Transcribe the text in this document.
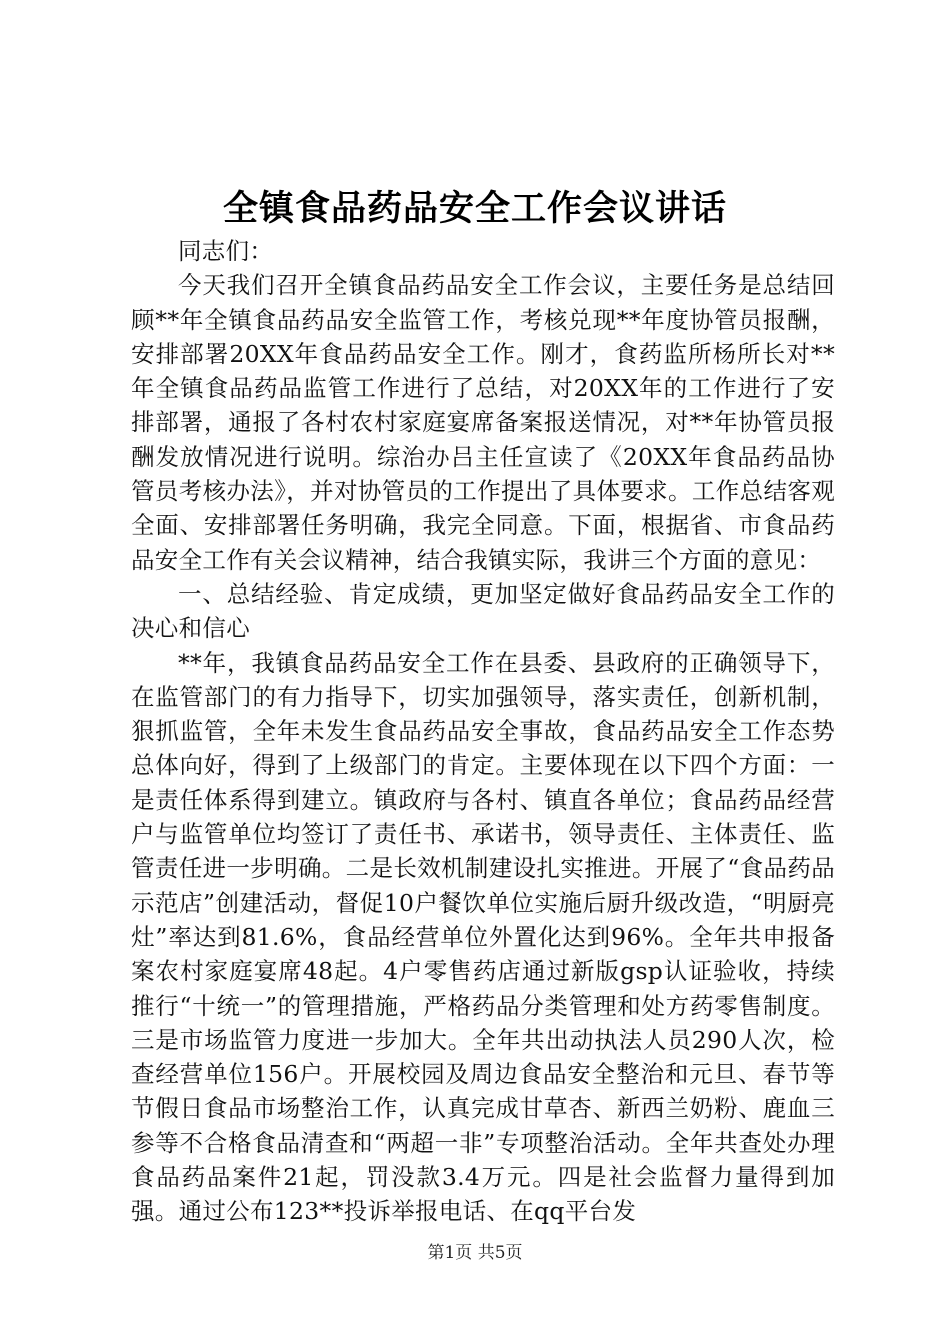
全镇食品药品安全工作会议讲话

同志们：

今天我们召开全镇食品药品安全工作会议，主要任务是总结回顾**年全镇食品药品安全监管工作，考核兑现**年度协管员报酬，安排部署20XX年食品药品安全工作。刚才，食药监所杨所长对**年全镇食品药品监管工作进行了总结，对20XX年的工作进行了安排部署，通报了各村农村家庭宴席备案报送情况，对**年协管员报酬发放情况进行说明。综治办吕主任宣读了《20XX年食品药品协管员考核办法》，并对协管员的工作提出了具体要求。工作总结客观全面、安排部署任务明确，我完全同意。下面，根据省、市食品药品安全工作有关会议精神，结合我镇实际，我讲三个方面的意见：

一、总结经验、肯定成绩，更加坚定做好食品药品安全工作的决心和信心

**年，我镇食品药品安全工作在县委、县政府的正确领导下，在监管部门的有力指导下，切实加强领导，落实责任，创新机制，狠抓监管，全年未发生食品药品安全事故，食品药品安全工作态势总体向好，得到了上级部门的肯定。主要体现在以下四个方面：一是责任体系得到建立。镇政府与各村、镇直各单位；食品药品经营户与监管单位均签订了责任书、承诺书，领导责任、主体责任、监管责任进一步明确。二是长效机制建设扎实推进。开展了“食品药品示范店”创建活动，督促10户餐饮单位实施后厨升级改造，“明厨亮灶”率达到81.6%，食品经营单位外置化达到96%。全年共申报备案农村家庭宴席48起。4户零售药店通过新版gsp认证验收，持续推行“十统一”的管理措施，严格药品分类管理和处方药零售制度。三是市场监管力度进一步加大。全年共出动执法人员290人次，检查经营单位156户。开展校园及周边食品安全整治和元旦、春节等节假日食品市场整治工作，认真完成甘草杏、新西兰奶粉、鹿血三参等不合格食品清查和“两超一非”专项整治活动。全年共查处办理食品药品案件21起，罚没款3.4万元。四是社会监督力量得到加强。通过公布123**投诉举报电话、在qq平台发

第1页 共5页
